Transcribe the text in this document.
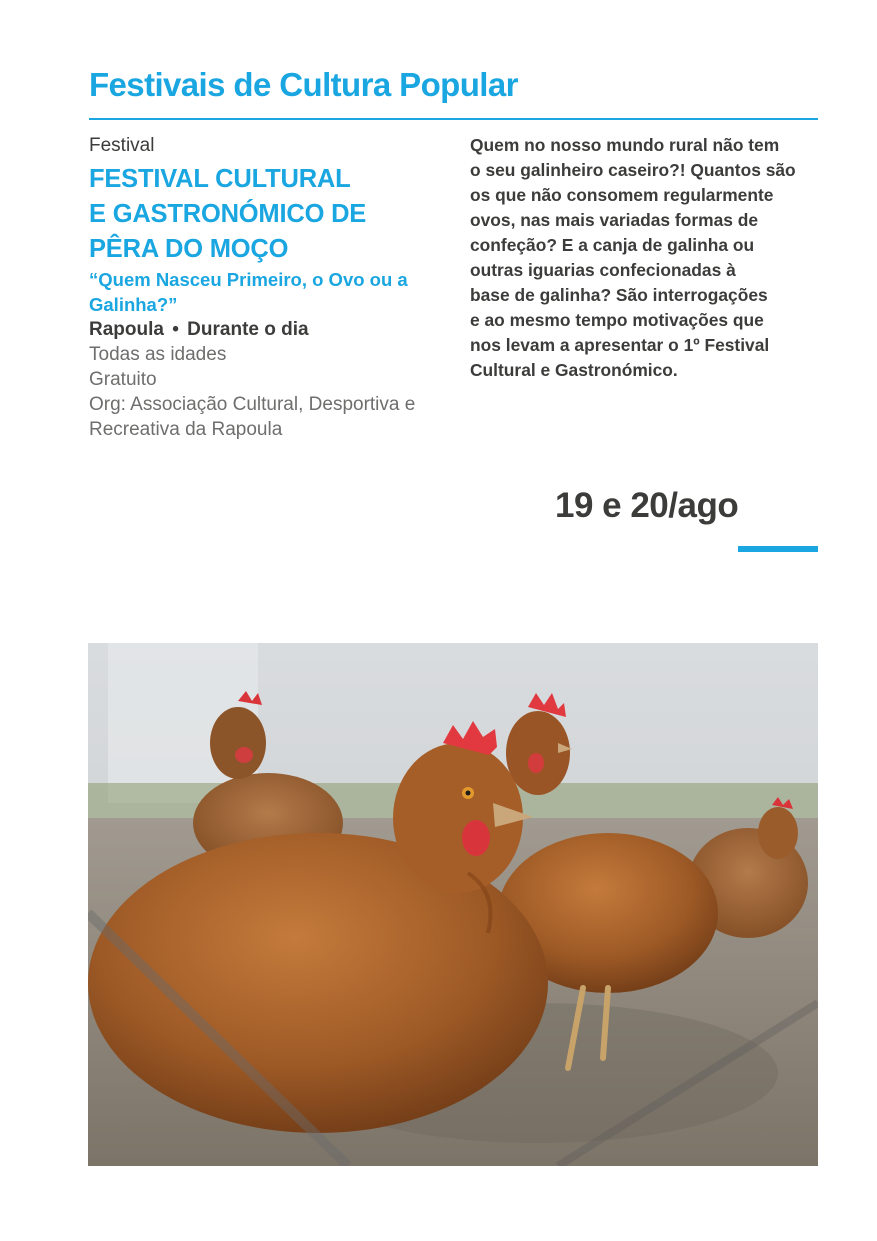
Festivais de Cultura Popular
Festival
FESTIVAL CULTURAL
E GASTRONÓMICO DE
PÊRA DO MOÇO
“Quem Nasceu Primeiro, o Ovo ou a Galinha?”
Rapoula • Durante o dia
Todas as idades
Gratuito
Org: Associação Cultural, Desportiva e Recreativa da Rapoula
Quem no nosso mundo rural não tem
o seu galinheiro caseiro?! Quantos são
os que não consomem regularmente
ovos, nas mais variadas formas de
confeção? E a canja de galinha ou
outras iguarias confecionadas à
base de galinha? São interrogações
e ao mesmo tempo motivações que
nos levam a apresentar o 1º Festival
Cultural e Gastronómico.
19 e 20/ago
